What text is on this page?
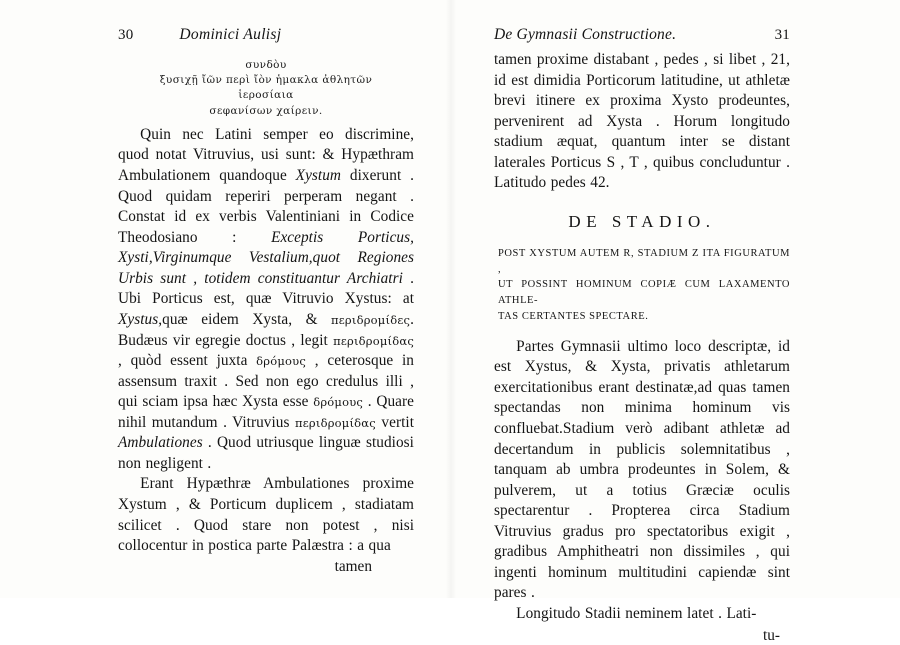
30	Dominici Aulisj
συνδὸυ
ξυσιχῇ ἴῶν περὶ ἴὸν ἡμακλα ἀθλητῶν
ἱεροσίαια
σεφανίσων χαίρειν.

Quin nec Latini semper eo discrimine, quod notat Vitruvius, usi sunt: & Hypæthram Ambulationem quandoque Xystum dixerunt . Quod quidam reperiri perperam negant . Constat id ex verbis Valentiniani in Codice Theodosiano : Exceptis Porticus, Xysti,Virginumque Vestalium,quot Regiones Urbis sunt , totidem constituantur Archiatri . Ubi Porticus est, quæ Vitruvio Xystus: at Xystus,quæ eidem Xysta, & περιδρομίδες. Budæus vir egregie doctus , legit περιδρομίδας , quòd essent juxta δρόμους , ceterosque in assensum traxit . Sed non ego credulus illi , qui sciam ipsa hæc Xysta esse δρόμους . Quare nihil mutandum . Vitruvius περιδρομίδας vertit Ambulationes . Quod utriusque linguæ studiosi non negligent .

Erant Hypæthræ Ambulationes proxime Xystum , & Porticum duplicem , stadiatam scilicet . Quod stare non potest , nisi collocentur in postica parte Palæstra : a qua

tamen
De Gymnasii Constructione.	31

tamen proxime distabant , pedes , si libet , 21, id est dimidia Porticorum latitudine, ut athletæ brevi itinere ex proxima Xysto prodeuntes, pervenirent ad Xysta . Horum longitudo stadium æquat, quantum inter se distant laterales Porticus S , T , quibus concluduntur . Latitudo pedes 42.

DE STADIO.
POST XYSTUM AUTEM R, STADIUM Z ITA FIGURATUM ,
UT POSSINT HOMINUM COPIÆ CUM LAXAMENTO ATHLE-
TAS CERTANTES SPECTARE.

Partes Gymnasii ultimo loco descriptæ, id est Xystus, & Xysta, privatis athletarum exercitationibus erant destinatæ,ad quas tamen spectandas non minima hominum vis confluebat.Stadium verò adibant athletæ ad decertandum in publicis solemnitatibus , tanquam ab umbra prodeuntes in Solem, & pulverem, ut a totius Græciæ oculis spectarentur . Propterea circa Stadium Vitruvius gradus pro spectatoribus exigit , gradibus Amphitheatri non dissimiles , qui ingenti hominum multitudini capiendæ sint pares .

Longitudo Stadii neminem latet . Lati-

tu-
